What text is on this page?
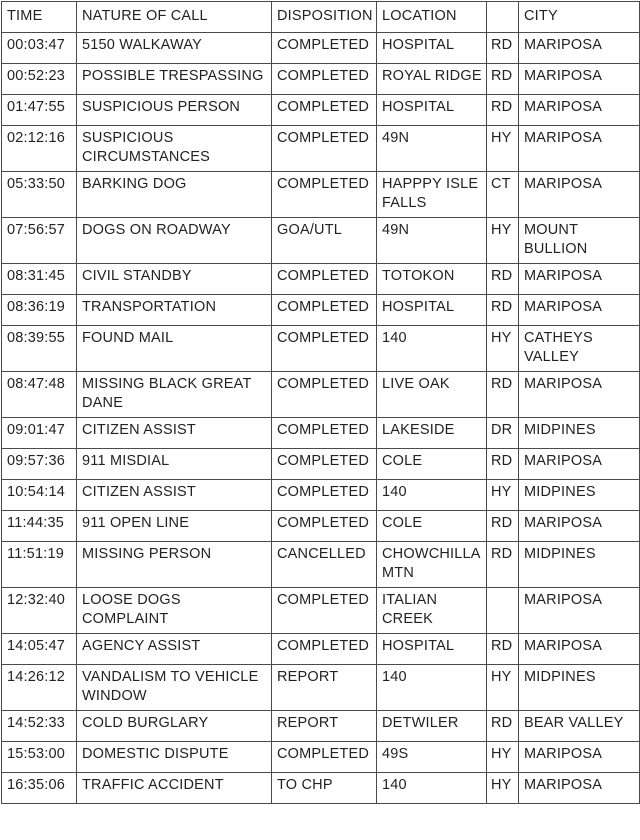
TIME	NATURE OF CALL	DISPOSITION	LOCATION		CITY
00:03:47	5150 WALKAWAY	COMPLETED	HOSPITAL	RD	MARIPOSA
00:52:23	POSSIBLE TRESPASSING	COMPLETED	ROYAL RIDGE	RD	MARIPOSA
01:47:55	SUSPICIOUS PERSON	COMPLETED	HOSPITAL	RD	MARIPOSA
02:12:16	SUSPICIOUS CIRCUMSTANCES	COMPLETED	49N	HY	MARIPOSA
05:33:50	BARKING DOG	COMPLETED	HAPPPY ISLE FALLS	CT	MARIPOSA
07:56:57	DOGS ON ROADWAY	GOA/UTL	49N	HY	MOUNT BULLION
08:31:45	CIVIL STANDBY	COMPLETED	TOTOKON	RD	MARIPOSA
08:36:19	TRANSPORTATION	COMPLETED	HOSPITAL	RD	MARIPOSA
08:39:55	FOUND MAIL	COMPLETED	140	HY	CATHEYS VALLEY
08:47:48	MISSING BLACK GREAT DANE	COMPLETED	LIVE OAK	RD	MARIPOSA
09:01:47	CITIZEN ASSIST	COMPLETED	LAKESIDE	DR	MIDPINES
09:57:36	911 MISDIAL	COMPLETED	COLE	RD	MARIPOSA
10:54:14	CITIZEN ASSIST	COMPLETED	140	HY	MIDPINES
11:44:35	911 OPEN LINE	COMPLETED	COLE	RD	MARIPOSA
11:51:19	MISSING PERSON	CANCELLED	CHOWCHILLA MTN	RD	MIDPINES
12:32:40	LOOSE DOGS COMPLAINT	COMPLETED	ITALIAN CREEK		MARIPOSA
14:05:47	AGENCY ASSIST	COMPLETED	HOSPITAL	RD	MARIPOSA
14:26:12	VANDALISM TO VEHICLE WINDOW	REPORT	140	HY	MIDPINES
14:52:33	COLD BURGLARY	REPORT	DETWILER	RD	BEAR VALLEY
15:53:00	DOMESTIC DISPUTE	COMPLETED	49S	HY	MARIPOSA
16:35:06	TRAFFIC ACCIDENT	TO CHP	140	HY	MARIPOSA
